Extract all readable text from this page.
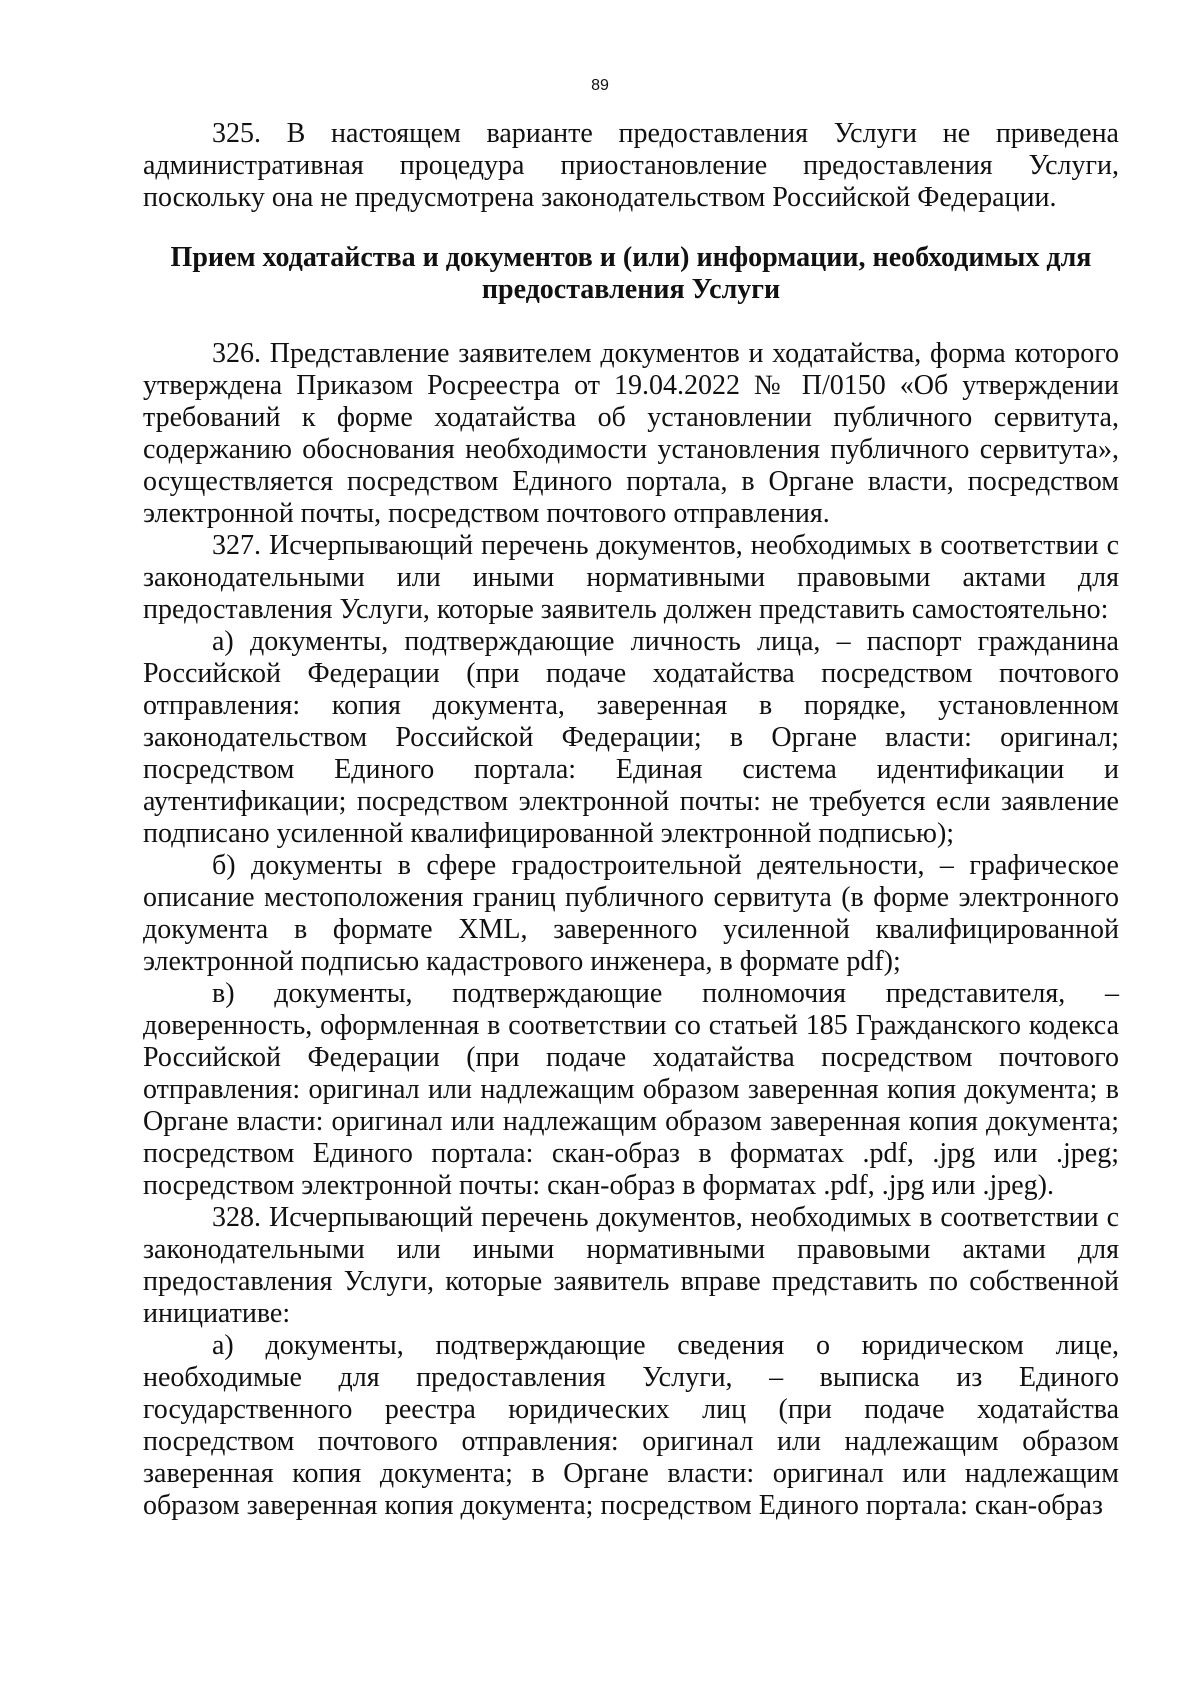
89

325. В настоящем варианте предоставления Услуги не приведена административная процедура приостановление предоставления Услуги, поскольку она не предусмотрена законодательством Российской Федерации.

Прием ходатайства и документов и (или) информации, необходимых для предоставления Услуги

326. Представление заявителем документов и ходатайства, форма которого утверждена Приказом Росреестра от 19.04.2022 № П/0150 «Об утверждении требований к форме ходатайства об установлении публичного сервитута, содержанию обоснования необходимости установления публичного сервитута», осуществляется посредством Единого портала, в Органе власти, посредством электронной почты, посредством почтового отправления.

327. Исчерпывающий перечень документов, необходимых в соответствии с законодательными или иными нормативными правовыми актами для предоставления Услуги, которые заявитель должен представить самостоятельно:

а) документы, подтверждающие личность лица, – паспорт гражданина Российской Федерации (при подаче ходатайства посредством почтового отправления: копия документа, заверенная в порядке, установленном законодательством Российской Федерации; в Органе власти: оригинал; посредством Единого портала: Единая система идентификации и аутентификации; посредством электронной почты: не требуется если заявление подписано усиленной квалифицированной электронной подписью);

б) документы в сфере градостроительной деятельности, – графическое описание местоположения границ публичного сервитута (в форме электронного документа в формате XML, заверенного усиленной квалифицированной электронной подписью кадастрового инженера, в формате pdf);

в) документы, подтверждающие полномочия представителя, – доверенность, оформленная в соответствии со статьей 185 Гражданского кодекса Российской Федерации (при подаче ходатайства посредством почтового отправления: оригинал или надлежащим образом заверенная копия документа; в Органе власти: оригинал или надлежащим образом заверенная копия документа; посредством Единого портала: скан-образ в форматах .pdf, .jpg или .jpeg; посредством электронной почты: скан-образ в форматах .pdf, .jpg или .jpeg).

328. Исчерпывающий перечень документов, необходимых в соответствии с законодательными или иными нормативными правовыми актами для предоставления Услуги, которые заявитель вправе представить по собственной инициативе:

а) документы, подтверждающие сведения о юридическом лице, необходимые для предоставления Услуги, – выписка из Единого государственного реестра юридических лиц (при подаче ходатайства посредством почтового отправления: оригинал или надлежащим образом заверенная копия документа; в Органе власти: оригинал или надлежащим образом заверенная копия документа; посредством Единого портала: скан-образ
